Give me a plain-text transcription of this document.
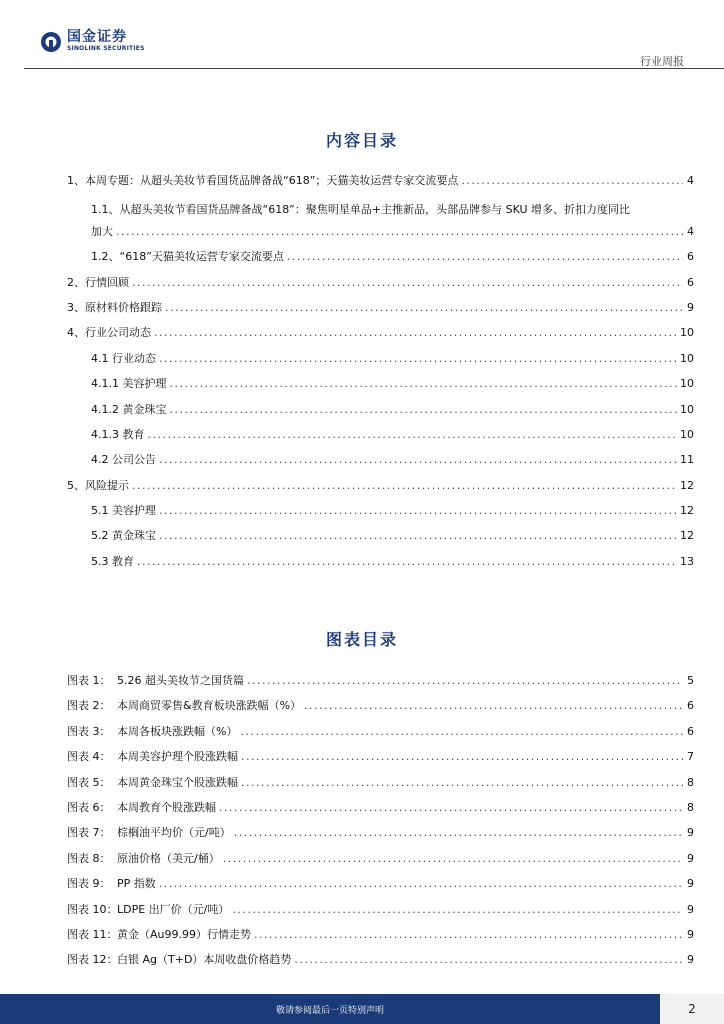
国金证券
SINOLINK SECURITIES
行业周报
内容目录
1、本周专题：从超头美妆节看国货品牌备战“618”；天猫美妆运营专家交流要点 .....	4
1.1、从超头美妆节看国货品牌备战“618”：聚焦明星单品+主推新品，头部品牌参与 SKU 增多、折扣力度同比
加大 .....	4
1.2、“618”天猫美妆运营专家交流要点 .....	6
2、行情回顾 .....	6
3、原材料价格跟踪 .....	9
4、行业公司动态 .....	10
4.1 行业动态 .....	10
4.1.1 美容护理 .....	10
4.1.2 黄金珠宝 .....	10
4.1.3 教育 .....	10
4.2 公司公告 .....	11
5、风险提示 .....	12
5.1 美容护理 .....	12
5.2 黄金珠宝 .....	12
5.3 教育 .....	13
图表目录
图表 1： 5.26 超头美妆节之国货篇 .....	5
图表 2： 本周商贸零售&教育板块涨跌幅（%） .....	6
图表 3： 本周各板块涨跌幅（%） .....	6
图表 4： 本周美容护理个股涨跌幅 .....	7
图表 5： 本周黄金珠宝个股涨跌幅 .....	8
图表 6： 本周教育个股涨跌幅 .....	8
图表 7： 棕榈油平均价（元/吨） .....	9
图表 8： 原油价格（美元/桶） .....	9
图表 9： PP 指数 .....	9
图表 10：LDPE 出厂价（元/吨） .....	9
图表 11：黄金（Au99.99）行情走势 .....	9
图表 12：白银 Ag（T+D）本周收盘价格趋势 .....	9
敬请参阅最后一页特别声明	2
